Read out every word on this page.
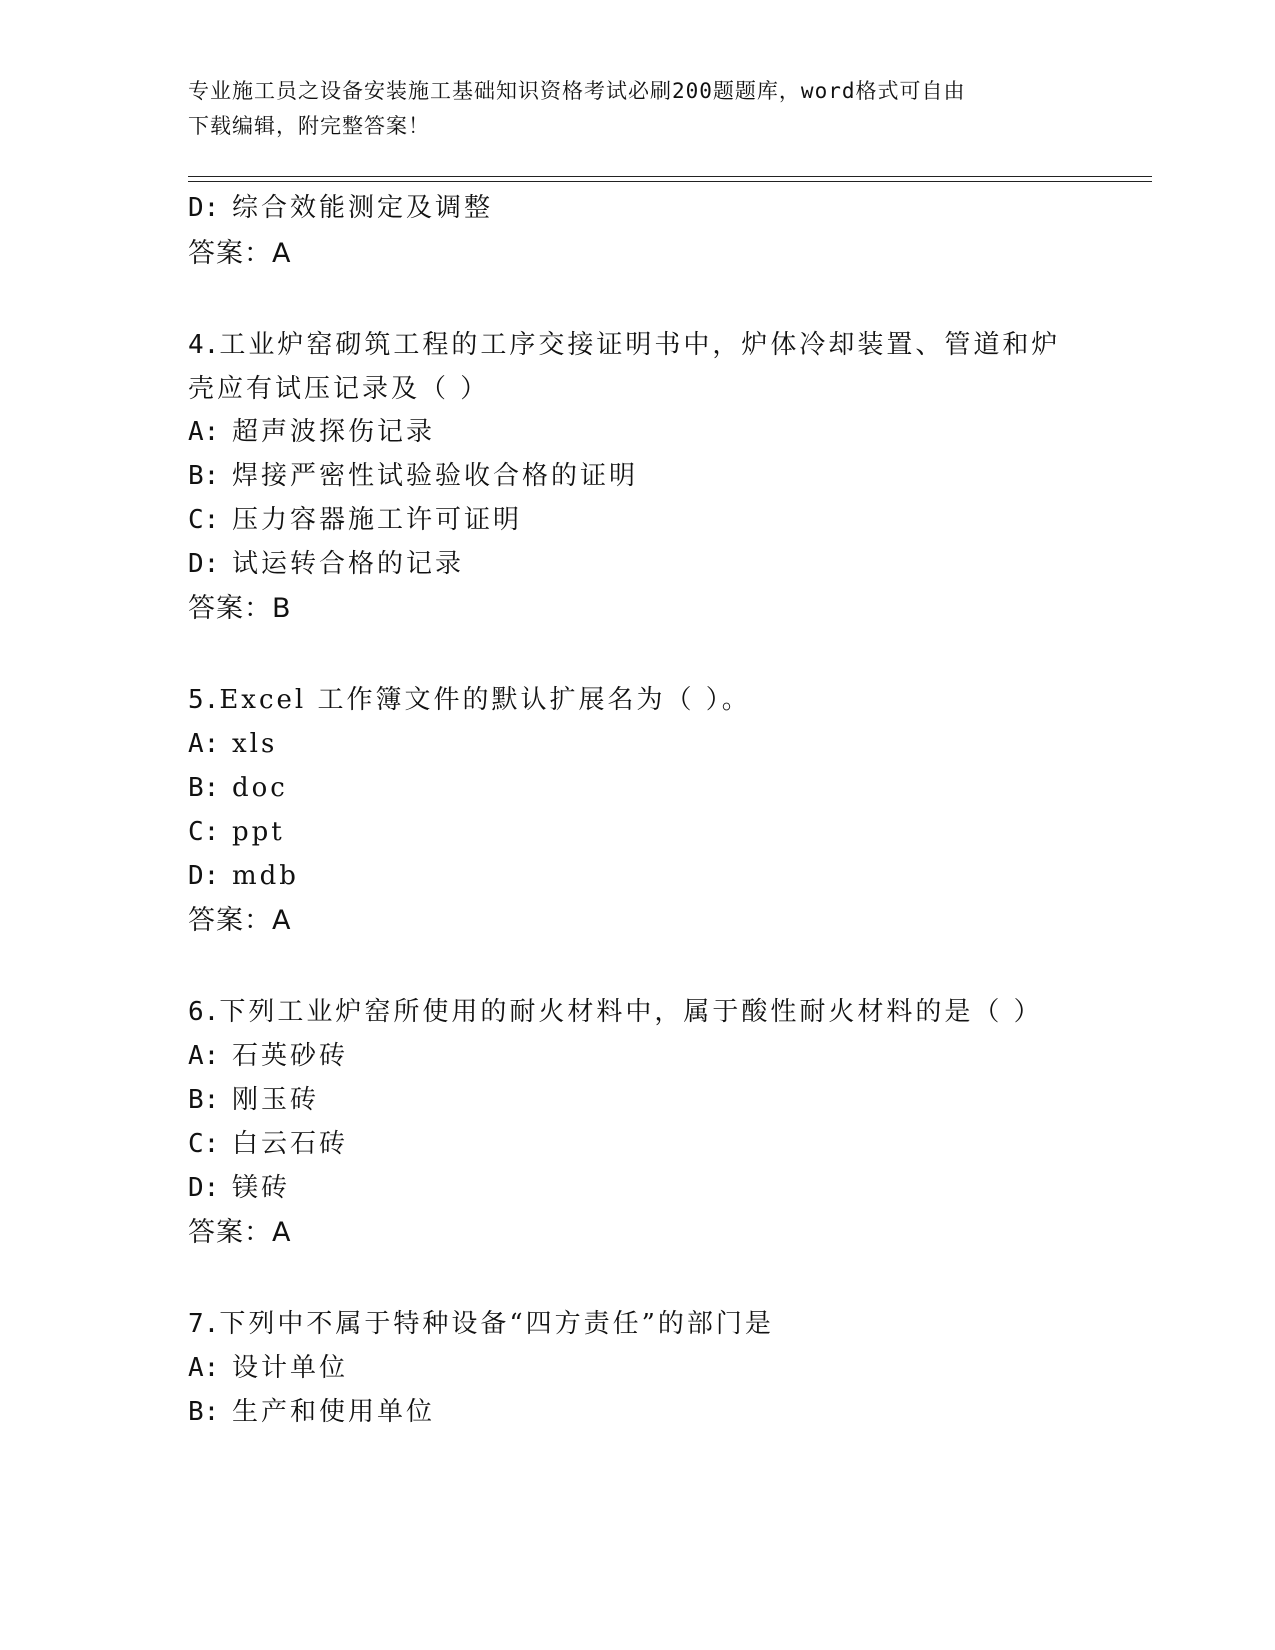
专业施工员之设备安装施工基础知识资格考试必刷200题题库，word格式可自由
下载编辑，附完整答案！
D: 综合效能测定及调整
答案：A
4.工业炉窑砌筑工程的工序交接证明书中，炉体冷却装置、管道和炉
壳应有试压记录及（ ）
A: 超声波探伤记录
B: 焊接严密性试验验收合格的证明
C: 压力容器施工许可证明
D: 试运转合格的记录
答案：B
5.Excel 工作簿文件的默认扩展名为（ ）。
A: xls
B: doc
C: ppt
D: mdb
答案：A
6.下列工业炉窑所使用的耐火材料中，属于酸性耐火材料的是（ ）
A: 石英砂砖
B: 刚玉砖
C: 白云石砖
D: 镁砖
答案：A
7.下列中不属于特种设备“四方责任”的部门是
A: 设计单位
B: 生产和使用单位
